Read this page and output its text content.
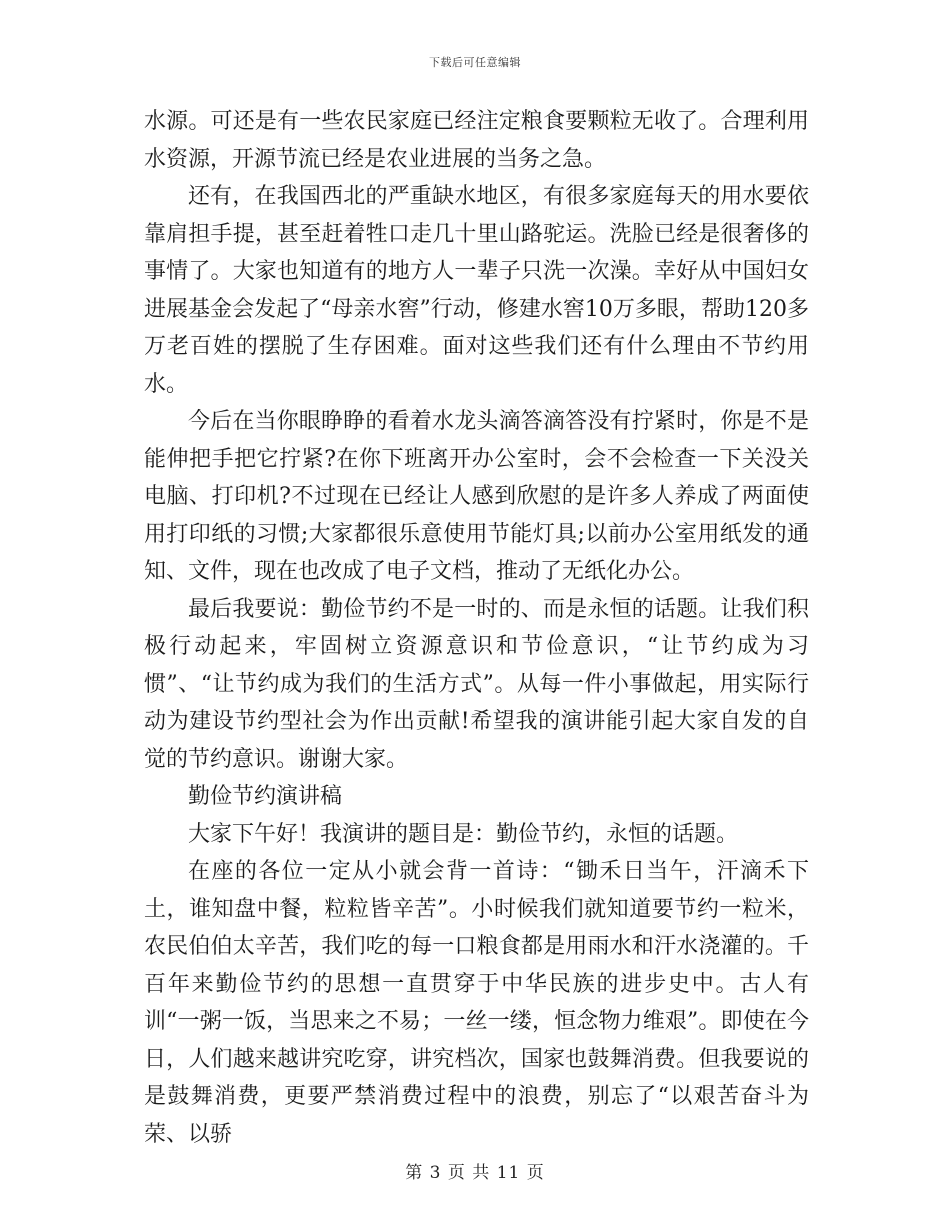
下载后可任意编辑

水源。可还是有一些农民家庭已经注定粮食要颗粒无收了。合理利用水资源，开源节流已经是农业进展的当务之急。

还有，在我国西北的严重缺水地区，有很多家庭每天的用水要依靠肩担手提，甚至赶着牲口走几十里山路驼运。洗脸已经是很奢侈的事情了。大家也知道有的地方人一辈子只洗一次澡。幸好从中国妇女进展基金会发起了“母亲水窖”行动，修建水窖10万多眼，帮助120多万老百姓的摆脱了生存困难。面对这些我们还有什么理由不节约用水。

今后在当你眼睁睁的看着水龙头滴答滴答没有拧紧时，你是不是能伸把手把它拧紧?在你下班离开办公室时，会不会检查一下关没关电脑、打印机?不过现在已经让人感到欣慰的是许多人养成了两面使用打印纸的习惯;大家都很乐意使用节能灯具;以前办公室用纸发的通知、文件，现在也改成了电子文档，推动了无纸化办公。

最后我要说：勤俭节约不是一时的、而是永恒的话题。让我们积极行动起来，牢固树立资源意识和节俭意识，“让节约成为习惯”、“让节约成为我们的生活方式”。从每一件小事做起，用实际行动为建设节约型社会为作出贡献!希望我的演讲能引起大家自发的自觉的节约意识。谢谢大家。

勤俭节约演讲稿

大家下午好！我演讲的题目是：勤俭节约，永恒的话题。

在座的各位一定从小就会背一首诗：“锄禾日当午，汗滴禾下土，谁知盘中餐，粒粒皆辛苦”。小时候我们就知道要节约一粒米，农民伯伯太辛苦，我们吃的每一口粮食都是用雨水和汗水浇灌的。千百年来勤俭节约的思想一直贯穿于中华民族的进步史中。古人有训“一粥一饭，当思来之不易；一丝一缕，恒念物力维艰”。即使在今日，人们越来越讲究吃穿，讲究档次，国家也鼓舞消费。但我要说的是鼓舞消费，更要严禁消费过程中的浪费，别忘了“以艰苦奋斗为荣、以骄

第 3 页 共 11 页
